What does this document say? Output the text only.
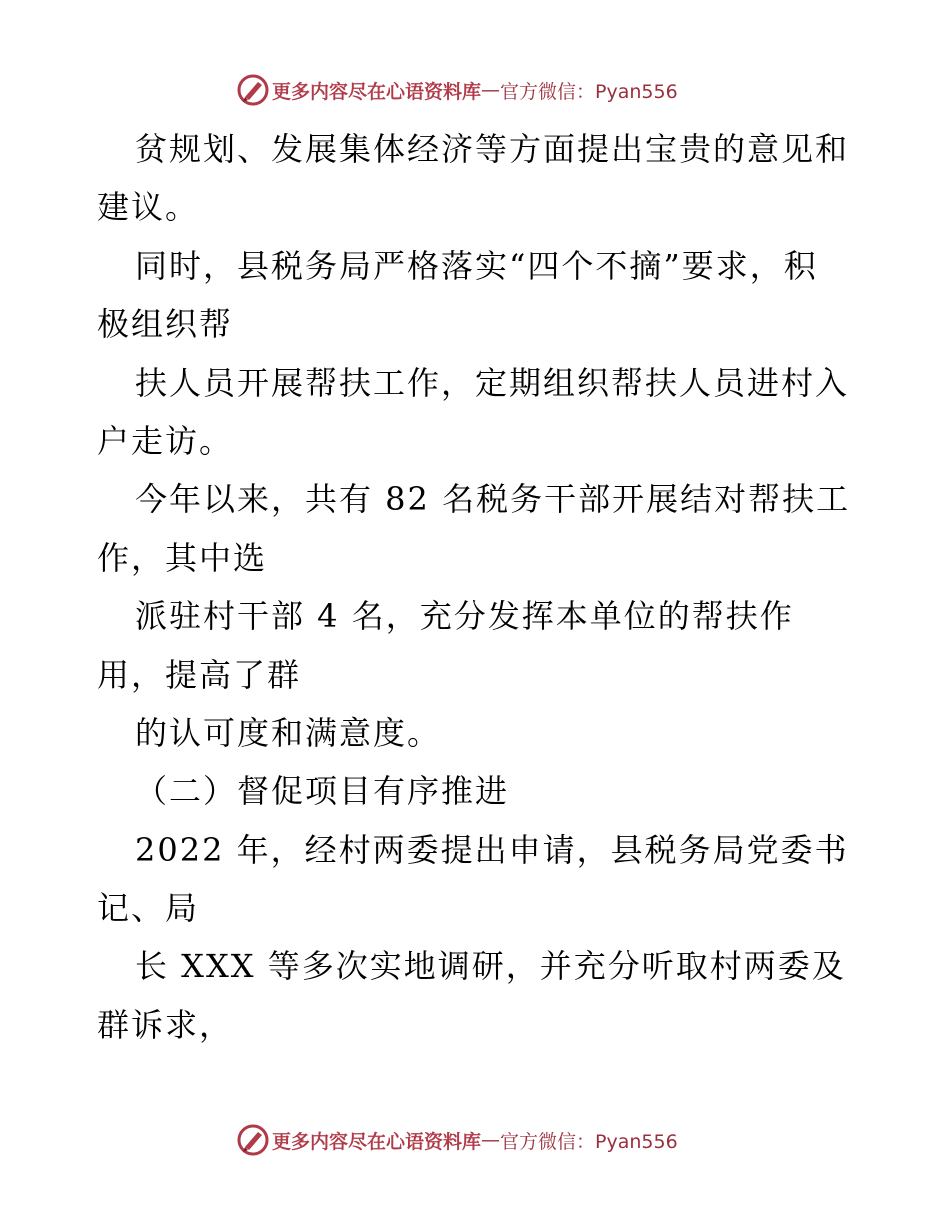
更多内容尽在心语资料库 — 官方微信：Pyan556
贫规划、发展集体经济等方面提出宝贵的意见和
建议。
同时，县税务局严格落实“四个不摘”要求，积
极组织帮
扶人员开展帮扶工作，定期组织帮扶人员进村入
户走访。
今年以来，共有 82 名税务干部开展结对帮扶工
作，其中选
派驻村干部 4 名，充分发挥本单位的帮扶作
用，提高了群
的认可度和满意度。
（二）督促项目有序推进
2022 年，经村两委提出申请，县税务局党委书
记、局
长 XXX 等多次实地调研，并充分听取村两委及
群诉求，
更多内容尽在心语资料库 — 官方微信：Pyan556
